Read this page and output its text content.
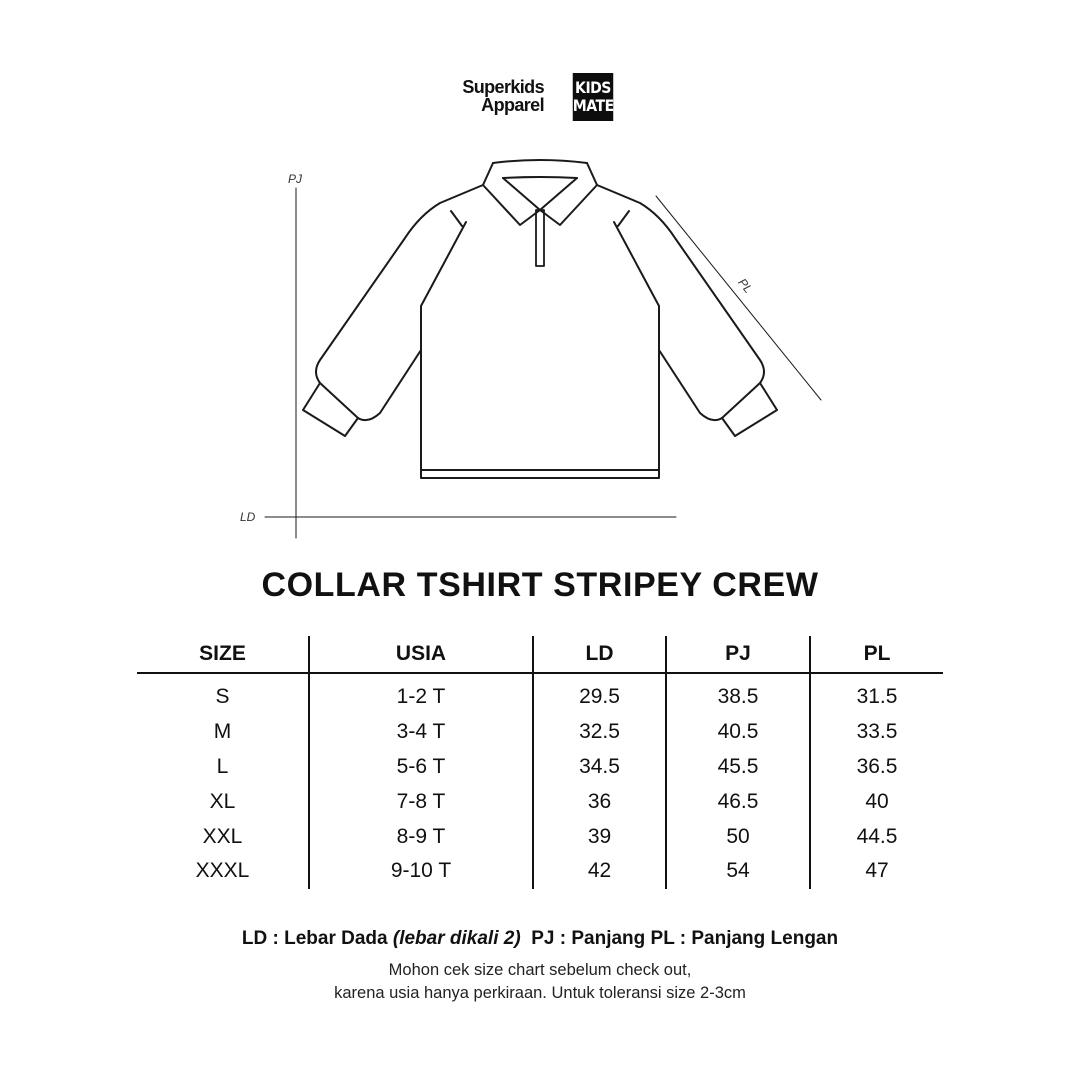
Superkids
Apparel
KIDS
MATE
PJ
LD
PL
COLLAR TSHIRT STRIPEY CREW
SIZE	USIA	LD	PJ	PL
S	1-2 T	29.5	38.5	31.5
M	3-4 T	32.5	40.5	33.5
L	5-6 T	34.5	45.5	36.5
XL	7-8 T	36	46.5	40
XXL	8-9 T	39	50	44.5
XXXL	9-10 T	42	54	47
LD : Lebar Dada (lebar dikali 2) PJ : Panjang PL : Panjang Lengan
Mohon cek size chart sebelum check out,
karena usia hanya perkiraan. Untuk toleransi size 2-3cm
